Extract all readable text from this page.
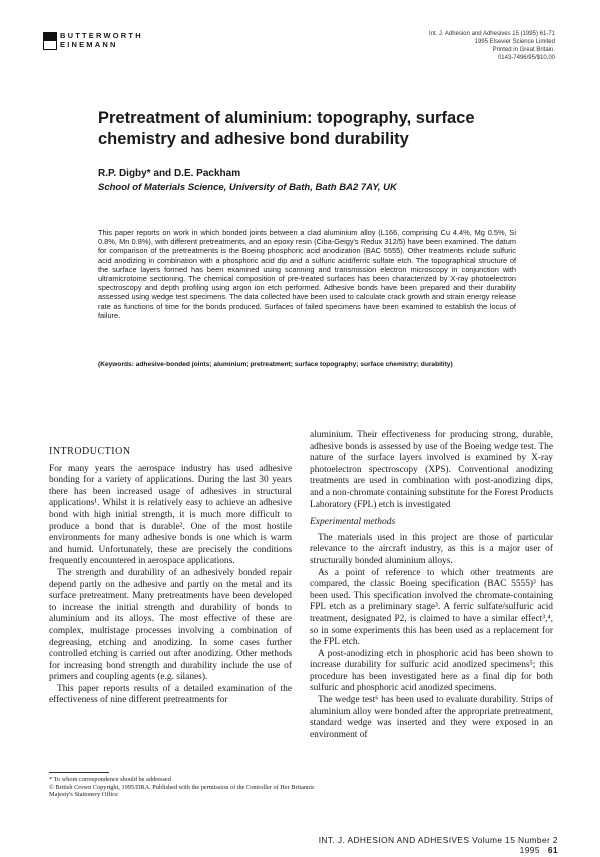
BUTTERWORTH
EINEMANN
Int. J. Adhesion and Adhesives 15 (1995) 61-71
1995 Elsevier Science Limited
Printed in Great Britain.
0143-7496/95/$10.00
Pretreatment of aluminium: topography, surface chemistry and adhesive bond durability
R.P. Digby* and D.E. Packham
School of Materials Science, University of Bath, Bath BA2 7AY, UK
This paper reports on work in which bonded joints between a clad aluminium alloy (L166, comprising Cu 4.4%, Mg 0.5%, Si 0.8%, Mn 0.8%), with different pretreatments, and an epoxy resin (Ciba-Geigy's Redux 312/5) have been examined. The datum for comparison of the pretreatments is the Boeing phosphoric acid anodization (BAC 5555). Other treatments include sulfuric acid anodizing in combination with a phosphoric acid dip and a sulfuric acid/ferric sulfate etch. The topographical structure of the surface layers formed has been examined using scanning and transmission electron microscopy in conjunction with ultramicrotome sectioning. The chemical composition of pre-treated surfaces has been characterized by X-ray photoelectron spectroscopy and depth profiling using argon ion etch performed. Adhesive bonds have been prepared and their durability assessed using wedge test specimens. The data collected have been used to calculate crack growth and strain energy release rate as functions of time for the bonds produced. Surfaces of failed specimens have been examined to establish the locus of failure.
(Keywords: adhesive-bonded joints; aluminium; pretreatment; surface topography; surface chemistry; durability)
INTRODUCTION

For many years the aerospace industry has used adhesive bonding for a variety of applications. During the last 30 years there has been increased usage of adhesives in structural applications¹. Whilst it is relatively easy to achieve an adhesive bond with high initial strength, it is much more difficult to produce a bond that is durable². One of the most hostile environments for many adhesive bonds is one which is warm and humid. Unfortunately, these are precisely the conditions frequently encountered in aerospace applications.

The strength and durability of an adhesively bonded repair depend partly on the adhesive and partly on the metal and its surface pretreatment. Many pretreatments have been developed to increase the initial strength and durability of bonds to aluminium and its alloys. The most effective of these are complex, multistage processes involving a combination of degreasing, etching and anodizing. In some cases further controlled etching is carried out after anodizing. Other methods for increasing bond strength and durability include the use of primers and coupling agents (e.g. silanes).

This paper reports results of a detailed examination of the effectiveness of nine different pretreatments for

aluminium. Their effectiveness for producing strong, durable, adhesive bonds is assessed by use of the Boeing wedge test. The nature of the surface layers involved is examined by X-ray photoelectron spectroscopy (XPS). Conventional anodizing treatments are used in combination with post-anodizing dips, and a non-chromate containing substitute for the Forest Products Laboratory (FPL) etch is investigated

Experimental methods

The materials used in this project are those of particular relevance to the aircraft industry, as this is a major user of structurally bonded aluminium alloys.

As a point of reference to which other treatments are compared, the classic Boeing specification (BAC 5555)³ has been used. This specification involved the chromate-containing FPL etch as a preliminary stage³. A ferric sulfate/sulfuric acid treatment, designated P2, is claimed to have a similar effect³,⁴, so in some experiments this has been used as a replacement for the FPL etch.

A post-anodizing etch in phosphoric acid has been shown to increase durability for sulfuric acid anodized specimens⁵; this procedure has been investigated here as a final dip for both sulfuric and phosphoric acid anodized specimens.

The wedge test⁶ has been used to evaluate durability. Strips of aluminium alloy were bonded after the appropriate pretreatment, standard wedge was inserted and they were exposed in an environment of

* To whom correspondence should be addressed
© British Crown Copyright, 1995/DRA. Published with the permission of the Controller of Her Britannic Majesty's Stationery Office
INT. J. ADHESION AND ADHESIVES Volume 15 Number 2 1995 61
